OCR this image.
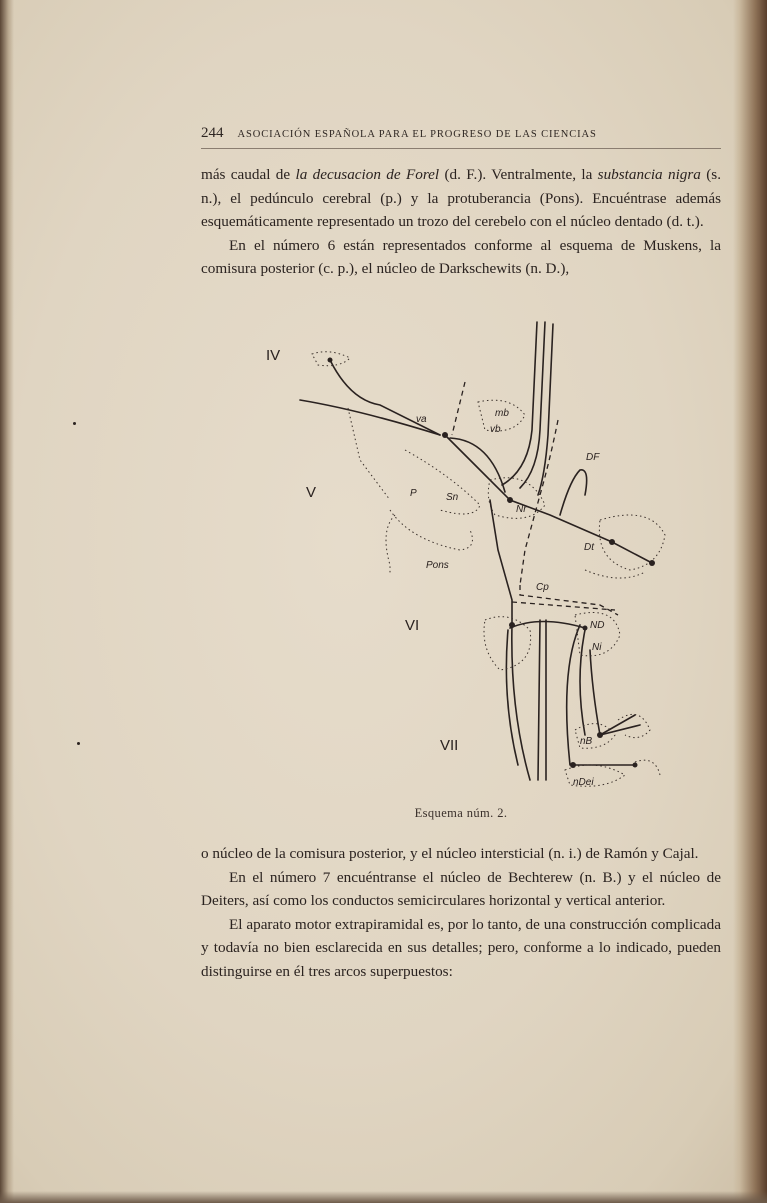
244 ASOCIACIÓN ESPAÑOLA PARA EL PROGRESO DE LAS CIENCIAS

más caudal de la decusacion de Forel (d. F.). Ventralmente, la substancia nigra (s. n.), el pedúnculo cerebral (p.) y la protuberancia (Pons). Encuéntrase además esquemáticamente representado un trozo del cerebelo con el núcleo dentado (d. t.).

En el número 6 están representados conforme al esquema de Muskens, la comisura posterior (c. p.), el núcleo de Darkschewits (n. D.),

IV
V
VI
VII
va
mb
vb
DF
P	Sn
Nr
Dt
Pons
Cp
ND
Ni
nB
nDei
Esquema núm. 2.

o núcleo de la comisura posterior, y el núcleo intersticial (n. i.) de Ramón y Cajal.

En el número 7 encuéntranse el núcleo de Bechterew (n. B.) y el núcleo de Deiters, así como los conductos semicirculares horizontal y vertical anterior.

El aparato motor extrapiramidal es, por lo tanto, de una construcción complicada y todavía no bien esclarecida en sus detalles; pero, conforme a lo indicado, pueden distinguirse en él tres arcos superpuestos:
